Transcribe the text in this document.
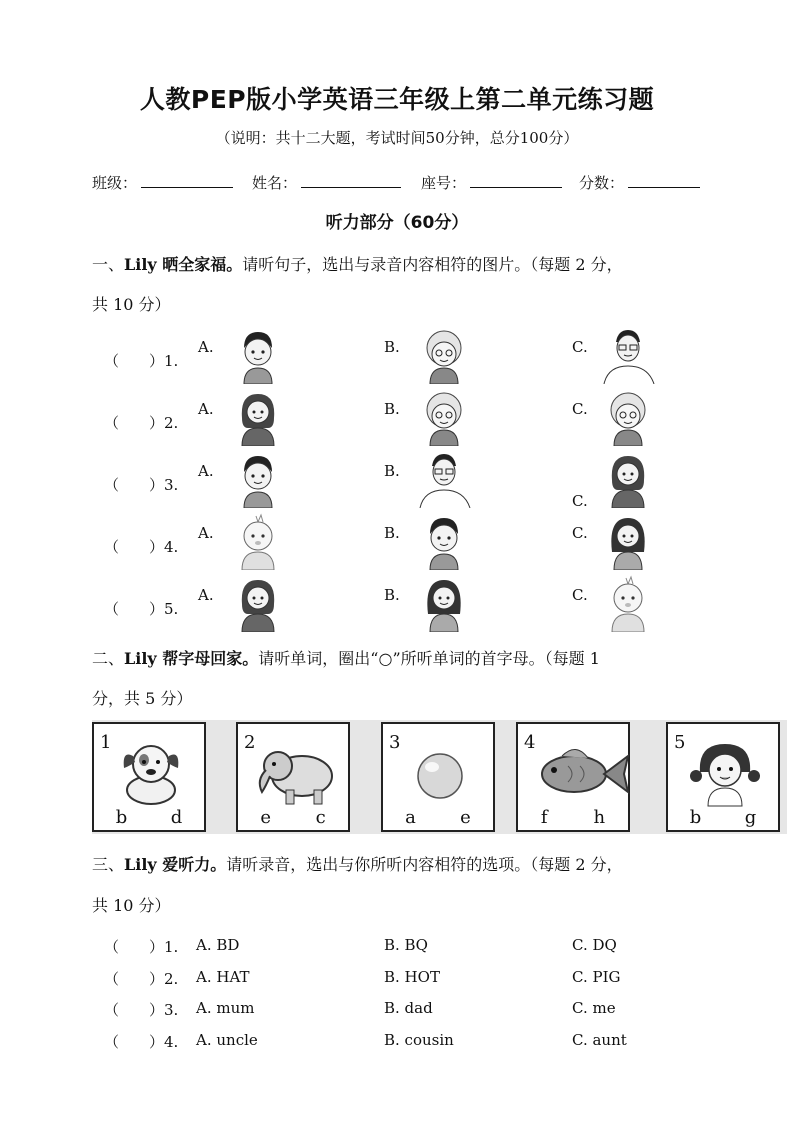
人教PEP版小学英语三年级上第二单元练习题
（说明：共十二大题，考试时间50分钟，总分100分）
班级：	姓名：	座号：	分数：
听力部分（60分）
一、Lily 晒全家福。请听句子，选出与录音内容相符的图片。（每题 2 分，
共 10 分）
（　　）1.
A.	B.	C.
（　　）2.
A.	B.	C.
（　　）3.
A.	B.
C.
（　　）4.
A.	B.	C.
（　　）5.
A.	B.	C.
二、Lily 帮字母回家。请听单词，圈出“○”所听单词的首字母。（每题 1
分，共 5 分）
1
b d
2
e c
3
a e
4
f	h
5
b g
三、Lily 爱听力。请听录音，选出与你所听内容相符的选项。（每题 2 分，
共 10 分）
（　　）1. A. BD	B. BQ	C. DQ
（　　）2. A. HAT	B. HOT	C. PIG
（　　）3. A. mum	B. dad	C. me
（　　）4. A. uncle	B. cousin	C. aunt
